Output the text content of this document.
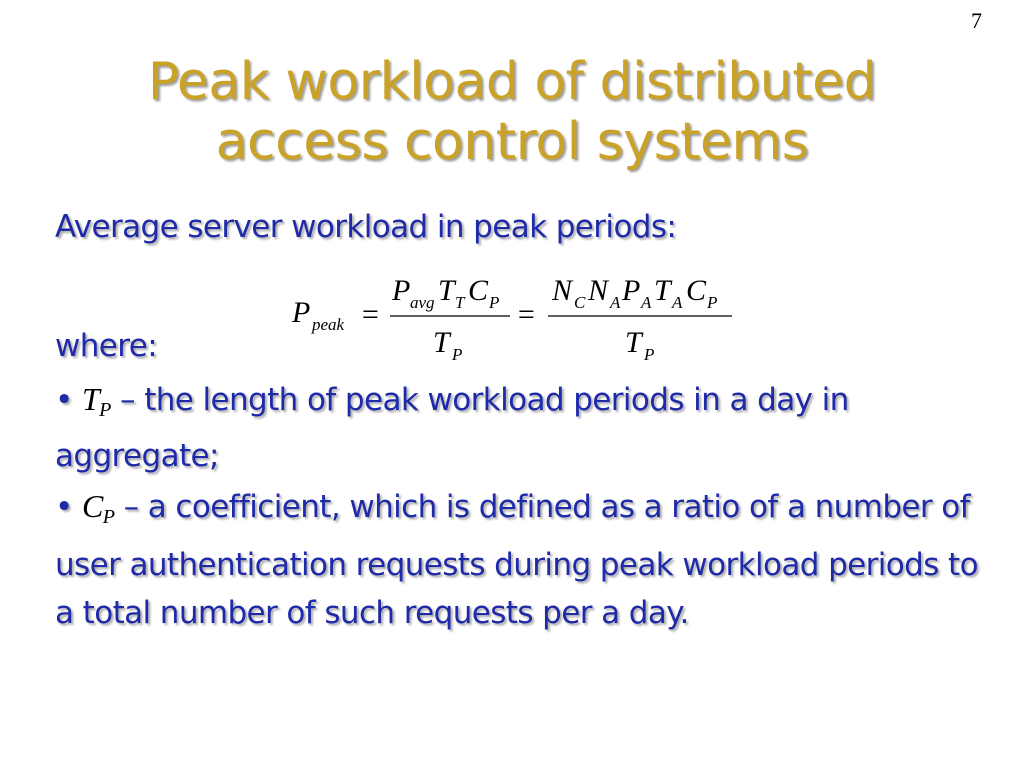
7
Peak workload of distributed
access control systems
Average server workload in peak periods:
P peak =
P avg T T C P
T P
=
N C N A P A T A C P
T P
where:
• $T_P$ – the length of peak workload periods in a day in aggregate;
• $C_P$ – a coefficient, which is defined as a ratio of a number of user authentication requests during peak workload periods to a total number of such requests per a day.
